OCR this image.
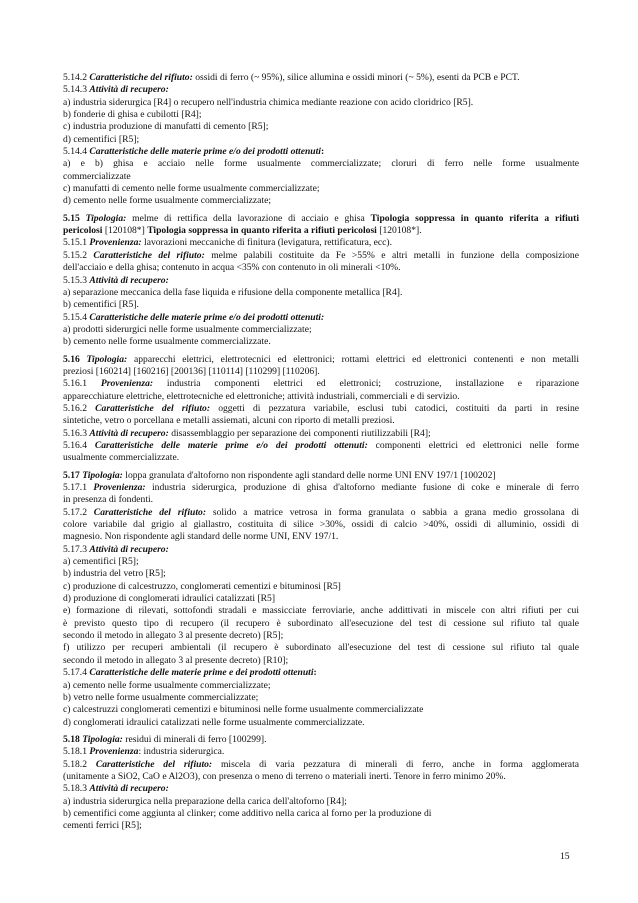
5.14.2 Caratteristiche del rifiuto: ossidi di ferro (~ 95%), silice allumina e ossidi minori (~ 5%), esenti da PCB e PCT.
5.14.3 Attività di recupero:
a) industria siderurgica [R4] o recupero nell'industria chimica mediante reazione con acido cloridrico [R5].
b) fonderie di ghisa e cubilotti [R4];
c) industria produzione di manufatti di cemento [R5];
d) cementifici [R5];
5.14.4 Caratteristiche delle materie prime e/o dei prodotti ottenuti:
a) e b) ghisa e acciaio nelle forme usualmente commercializzate; cloruri di ferro nelle forme usualmente
commercializzate
c) manufatti di cemento nelle forme usualmente commercializzate;
d) cemento nelle forme usualmente commercializzate;
5.15 Tipologia: melme di rettifica della lavorazione di acciaio e ghisa Tipologia soppressa in quanto riferita a rifiuti
pericolosi [120108*] Tipologia soppressa in quanto riferita a rifiuti pericolosi [120108*].
5.15.1 Provenienza: lavorazioni meccaniche di finitura (levigatura, rettificatura, ecc).
5.15.2 Caratteristiche del rifiuto: melme palabili costituite da Fe >55% e altri metalli in funzione della composizione
dell'acciaio e della ghisa; contenuto in acqua <35% con contenuto in oli minerali <10%.
5.15.3 Attività di recupero:
a) separazione meccanica della fase liquida e rifusione della componente metallica [R4].
b) cementifici [R5].
5.15.4 Caratteristiche delle materie prime e/o dei prodotti ottenuti:
a) prodotti siderurgici nelle forme usualmente commercializzate;
b) cemento nelle forme usualmente commercializzate.
5.16 Tipologia: apparecchi elettrici, elettrotecnici ed elettronici; rottami elettrici ed elettronici contenenti e non metalli
preziosi [160214] [160216] [200136] [110114] [110299] [110206].
5.16.1 Provenienza: industria componenti elettrici ed elettronici; costruzione, installazione e riparazione
apparecchiature elettriche, elettrotecniche ed elettroniche; attività industriali, commerciali e di servizio.
5.16.2 Caratteristiche del rifiuto: oggetti di pezzatura variabile, esclusi tubi catodici, costituiti da parti in resine
sintetiche, vetro o porcellana e metalli assiemati, alcuni con riporto di metalli preziosi.
5.16.3 Attività di recupero: disassemblaggio per separazione dei componenti riutilizzabili [R4];
5.16.4 Caratteristiche delle materie prime e/o dei prodotti ottenuti: componenti elettrici ed elettronici nelle forme
usualmente commercializzate.
5.17 Tipologia: loppa granulata d'altoforno non rispondente agli standard delle norme UNI ENV 197/1 [100202]
5.17.1 Provenienza: industria siderurgica, produzione di ghisa d'altoforno mediante fusione di coke e minerale di ferro
in presenza di fondenti.
5.17.2 Caratteristiche del rifiuto: solido a matrice vetrosa in forma granulata o sabbia a grana medio grossolana di
colore variabile dal grigio al giallastro, costituita di silice >30%, ossidi di calcio >40%, ossidi di alluminio, ossidi di
magnesio. Non rispondente agli standard delle norme UNI, ENV 197/1.
5.17.3 Attività di recupero:
a) cementifici [R5];
b) industria del vetro [R5];
c) produzione di calcestruzzo, conglomerati cementizi e bituminosi [R5]
d) produzione di conglomerati idraulici catalizzati [R5]
e) formazione di rilevati, sottofondi stradali e massicciate ferroviarie, anche addittivati in miscele con altri rifiuti per cui
è previsto questo tipo di recupero (il recupero è subordinato all'esecuzione del test di cessione sul rifiuto tal quale
secondo il metodo in allegato 3 al presente decreto) [R5];
f) utilizzo per recuperi ambientali (il recupero è subordinato all'esecuzione del test di cessione sul rifiuto tal quale
secondo il metodo in allegato 3 al presente decreto) [R10];
5.17.4 Caratteristiche delle materie prime e dei prodotti ottenuti:
a) cemento nelle forme usualmente commercializzate;
b) vetro nelle forme usualmente commercializzate;
c) calcestruzzi conglomerati cementizi e bituminosi nelle forme usualmente commercializzate
d) conglomerati idraulici catalizzati nelle forme usualmente commercializzate.
5.18 Tipologia: residui di minerali di ferro [100299].
5.18.1 Provenienza: industria siderurgica.
5.18.2 Caratteristiche del rifiuto: miscela di varia pezzatura di minerali di ferro, anche in forma agglomerata
(unitamente a SiO2, CaO e Al2O3), con presenza o meno di terreno o materiali inerti. Tenore in ferro minimo 20%.
5.18.3 Attività di recupero:
a) industria siderurgica nella preparazione della carica dell'altoforno [R4];
b) cementifici come aggiunta al clinker; come additivo nella carica al forno per la produzione di
cementi ferrici [R5];
15
